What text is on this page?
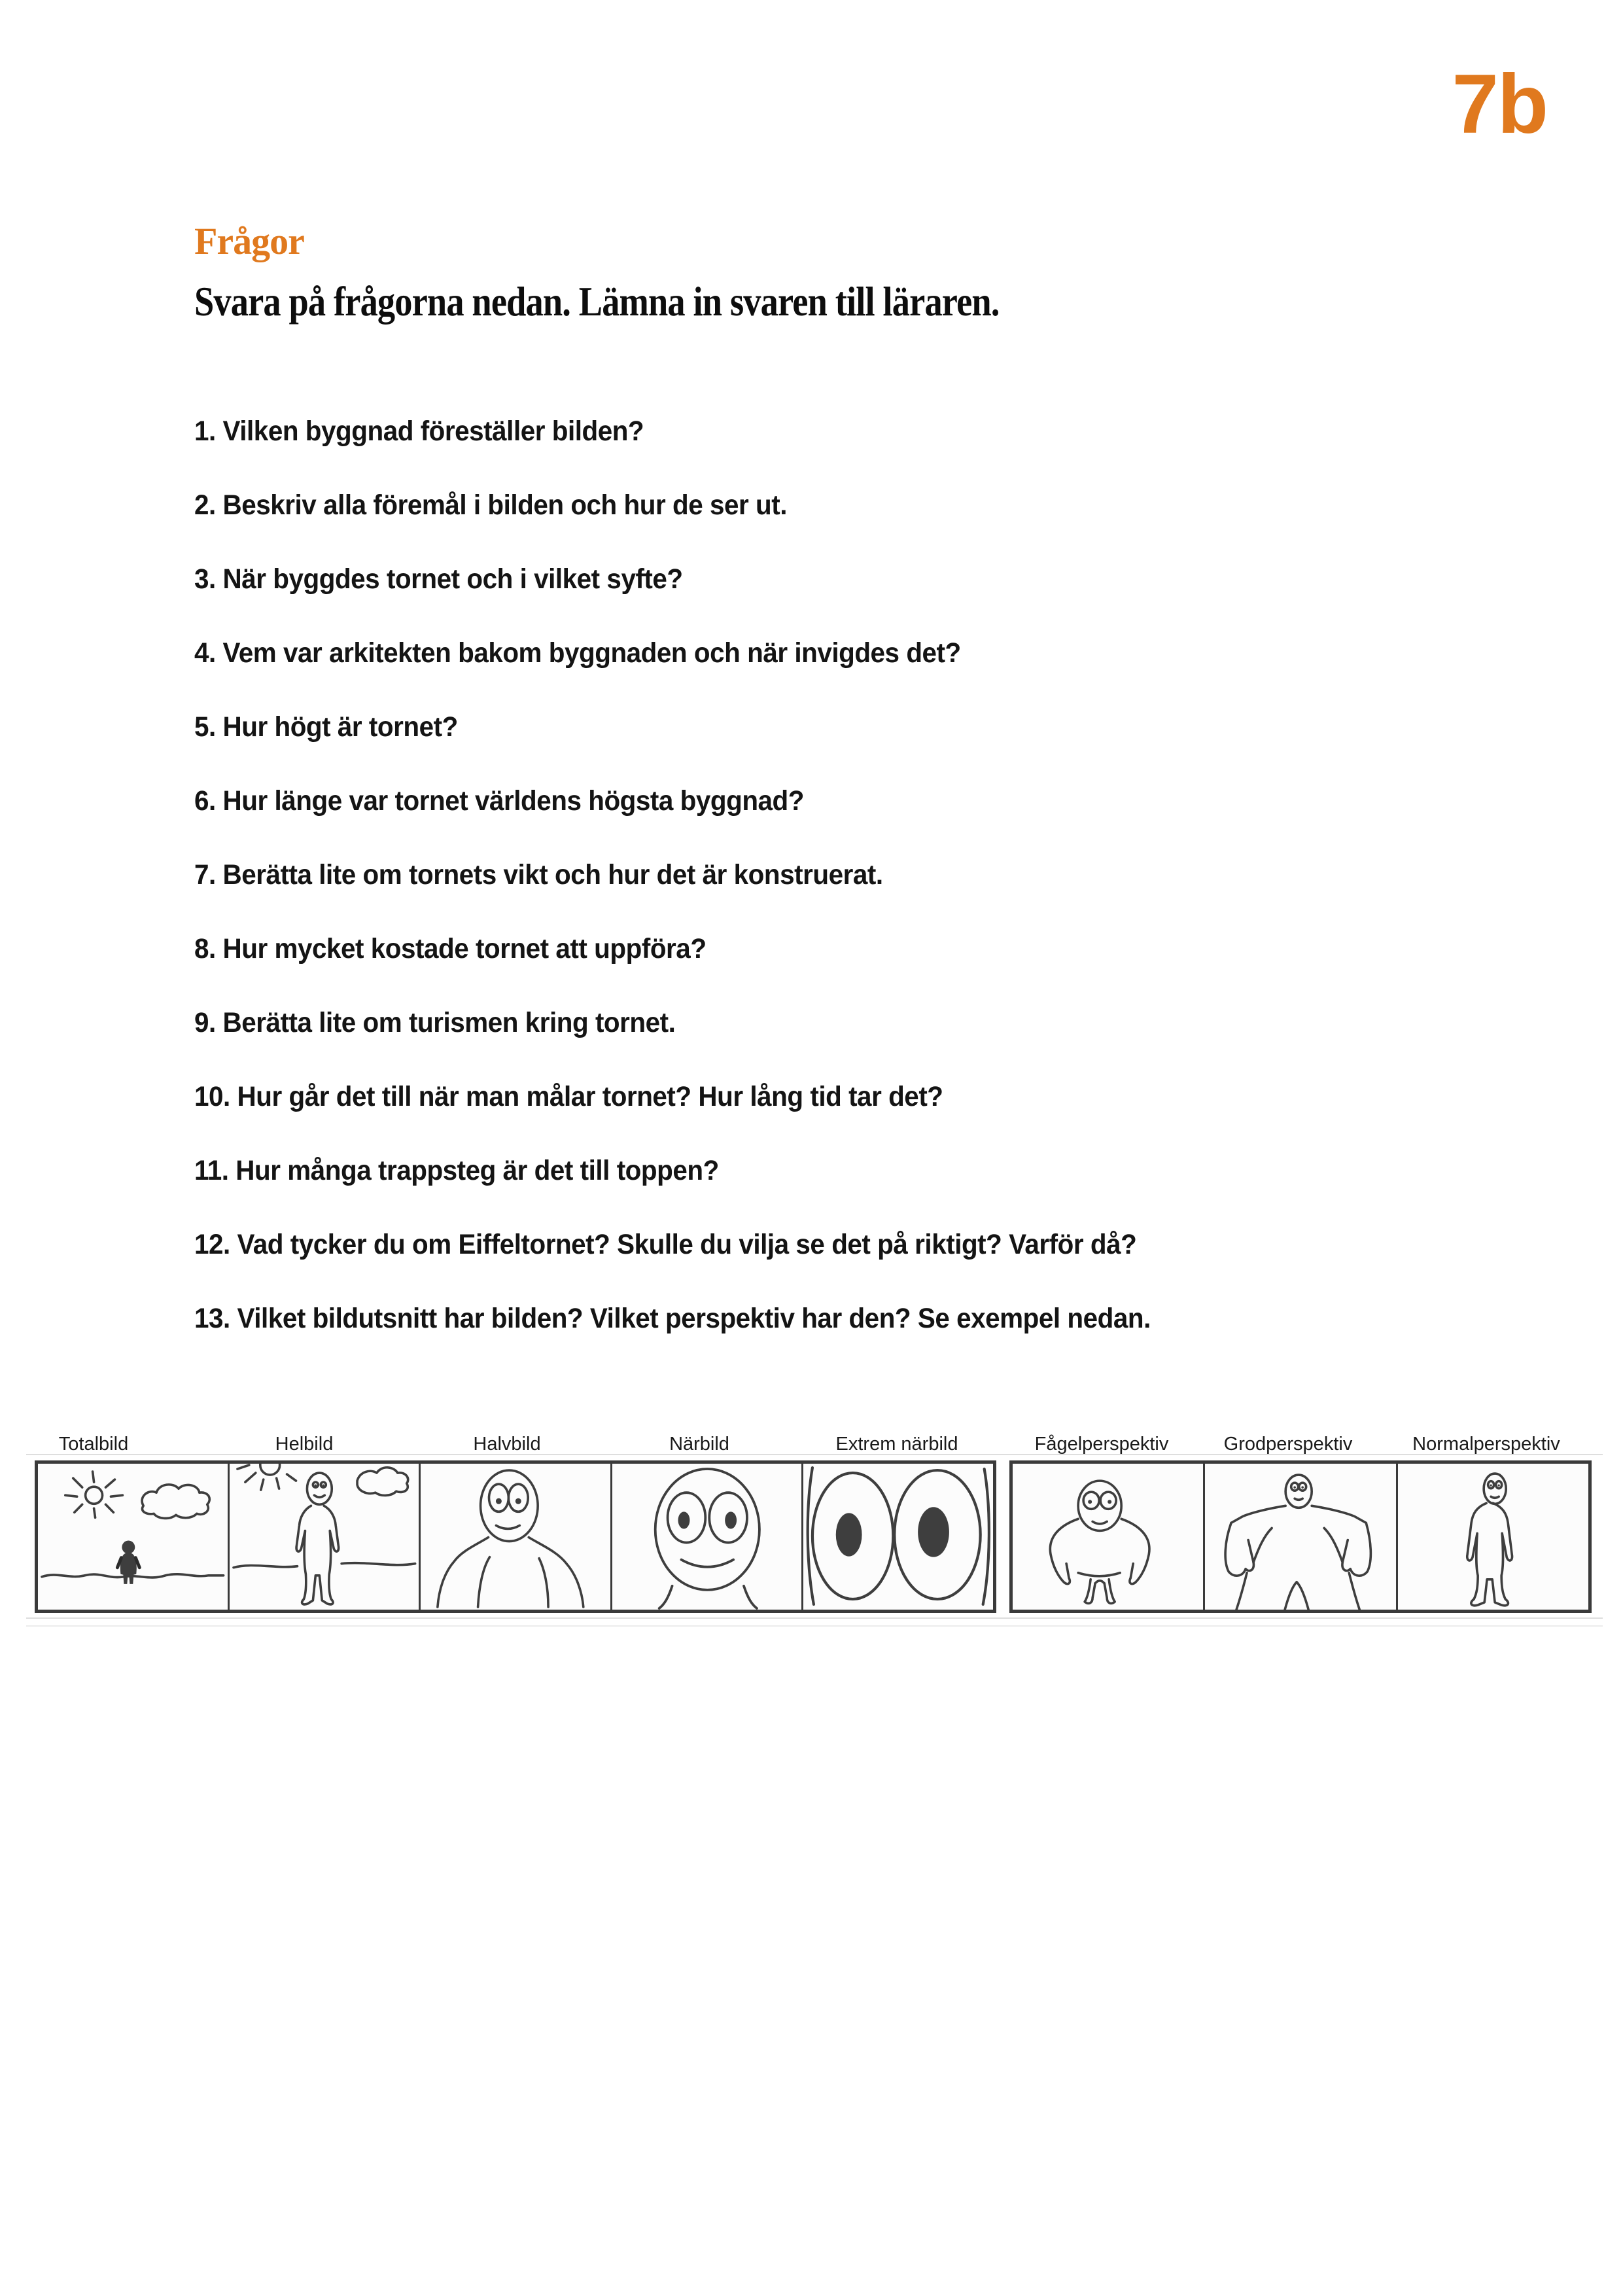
7b
Frågor
Svara på frågorna nedan. Lämna in svaren till läraren.

1. Vilken byggnad föreställer bilden?

2. Beskriv alla föremål i bilden och hur de ser ut.

3. När byggdes tornet och i vilket syfte?

4. Vem var arkitekten bakom byggnaden och när invigdes det?

5. Hur högt är tornet?

6. Hur länge var tornet världens högsta byggnad?

7. Berätta lite om tornets vikt och hur det är konstruerat.

8. Hur mycket kostade tornet att uppföra?

9. Berätta lite om turismen kring tornet.

10. Hur går det till när man målar tornet? Hur lång tid tar det?

11. Hur många trappsteg är det till toppen?

12. Vad tycker du om Eiffeltornet? Skulle du vilja se det på riktigt? Varför då?

13. Vilket bildutsnitt har bilden? Vilket perspektiv har den? Se exempel nedan.

Totalbild	Helbild	Halvbild	Närbild	Extrem närbild	Fågelperspektiv	Grodperspektiv	Normalperspektiv
